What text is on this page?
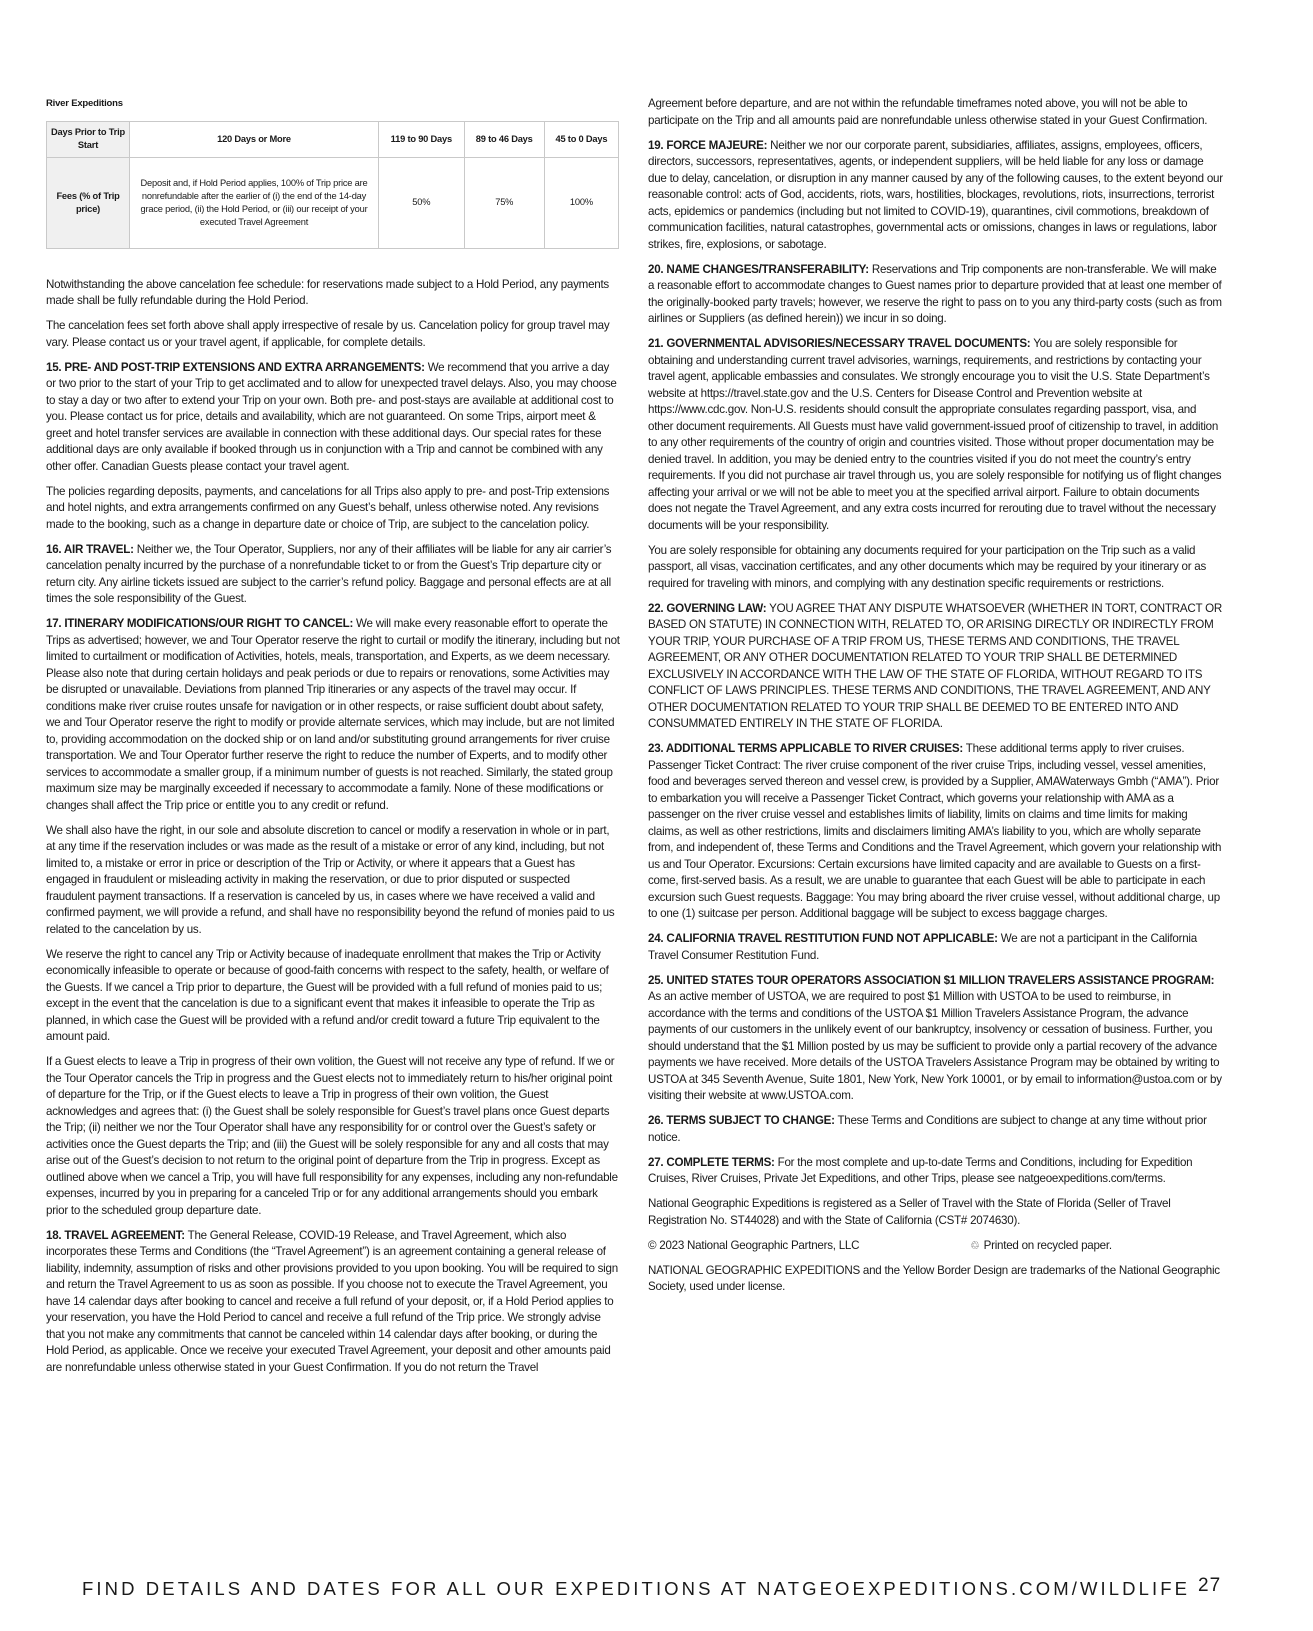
River Expeditions
Days Prior to Trip Start	120 Days or More	119 to 90 Days	89 to 46 Days	45 to 0 Days
Fees (% of Trip price)	Deposit and, if Hold Period applies, 100% of Trip price are nonrefundable after the earlier of (i) the end of the 14-day grace period, (ii) the Hold Period, or (iii) our receipt of your executed Travel Agreement	50%	75%	100%

Notwithstanding the above cancelation fee schedule: for reservations made subject to a Hold Period, any payments made shall be fully refundable during the Hold Period.

The cancelation fees set forth above shall apply irrespective of resale by us. Cancelation policy for group travel may vary. Please contact us or your travel agent, if applicable, for complete details.

15. PRE- AND POST-TRIP EXTENSIONS AND EXTRA ARRANGEMENTS: We recommend that you arrive a day or two prior to the start of your Trip to get acclimated and to allow for unexpected travel delays. Also, you may choose to stay a day or two after to extend your Trip on your own. Both pre- and post-stays are available at additional cost to you. Please contact us for price, details and availability, which are not guaranteed. On some Trips, airport meet & greet and hotel transfer services are available in connection with these additional days. Our special rates for these additional days are only available if booked through us in conjunction with a Trip and cannot be combined with any other offer. Canadian Guests please contact your travel agent.

The policies regarding deposits, payments, and cancelations for all Trips also apply to pre- and post-Trip extensions and hotel nights, and extra arrangements confirmed on any Guest’s behalf, unless otherwise noted. Any revisions made to the booking, such as a change in departure date or choice of Trip, are subject to the cancelation policy.

16. AIR TRAVEL: Neither we, the Tour Operator, Suppliers, nor any of their affiliates will be liable for any air carrier’s cancelation penalty incurred by the purchase of a nonrefundable ticket to or from the Guest’s Trip departure city or return city. Any airline tickets issued are subject to the carrier’s refund policy. Baggage and personal effects are at all times the sole responsibility of the Guest.

17. ITINERARY MODIFICATIONS/OUR RIGHT TO CANCEL: We will make every reasonable effort to operate the Trips as advertised; however, we and Tour Operator reserve the right to curtail or modify the itinerary, including but not limited to curtailment or modification of Activities, hotels, meals, transportation, and Experts, as we deem necessary. Please also note that during certain holidays and peak periods or due to repairs or renovations, some Activities may be disrupted or unavailable. Deviations from planned Trip itineraries or any aspects of the travel may occur. If conditions make river cruise routes unsafe for navigation or in other respects, or raise sufficient doubt about safety, we and Tour Operator reserve the right to modify or provide alternate services, which may include, but are not limited to, providing accommodation on the docked ship or on land and/or substituting ground arrangements for river cruise transportation. We and Tour Operator further reserve the right to reduce the number of Experts, and to modify other services to accommodate a smaller group, if a minimum number of guests is not reached. Similarly, the stated group maximum size may be marginally exceeded if necessary to accommodate a family. None of these modifications or changes shall affect the Trip price or entitle you to any credit or refund.

We shall also have the right, in our sole and absolute discretion to cancel or modify a reservation in whole or in part, at any time if the reservation includes or was made as the result of a mistake or error of any kind, including, but not limited to, a mistake or error in price or description of the Trip or Activity, or where it appears that a Guest has engaged in fraudulent or misleading activity in making the reservation, or due to prior disputed or suspected fraudulent payment transactions. If a reservation is canceled by us, in cases where we have received a valid and confirmed payment, we will provide a refund, and shall have no responsibility beyond the refund of monies paid to us related to the cancelation by us.

We reserve the right to cancel any Trip or Activity because of inadequate enrollment that makes the Trip or Activity economically infeasible to operate or because of good-faith concerns with respect to the safety, health, or welfare of the Guests. If we cancel a Trip prior to departure, the Guest will be provided with a full refund of monies paid to us; except in the event that the cancelation is due to a significant event that makes it infeasible to operate the Trip as planned, in which case the Guest will be provided with a refund and/or credit toward a future Trip equivalent to the amount paid.

If a Guest elects to leave a Trip in progress of their own volition, the Guest will not receive any type of refund. If we or the Tour Operator cancels the Trip in progress and the Guest elects not to immediately return to his/her original point of departure for the Trip, or if the Guest elects to leave a Trip in progress of their own volition, the Guest acknowledges and agrees that: (i) the Guest shall be solely responsible for Guest’s travel plans once Guest departs the Trip; (ii) neither we nor the Tour Operator shall have any responsibility for or control over the Guest’s safety or activities once the Guest departs the Trip; and (iii) the Guest will be solely responsible for any and all costs that may arise out of the Guest’s decision to not return to the original point of departure from the Trip in progress. Except as outlined above when we cancel a Trip, you will have full responsibility for any expenses, including any non-refundable expenses, incurred by you in preparing for a canceled Trip or for any additional arrangements should you embark prior to the scheduled group departure date.

18. TRAVEL AGREEMENT: The General Release, COVID-19 Release, and Travel Agreement, which also incorporates these Terms and Conditions (the “Travel Agreement”) is an agreement containing a general release of liability, indemnity, assumption of risks and other provisions provided to you upon booking. You will be required to sign and return the Travel Agreement to us as soon as possible. If you choose not to execute the Travel Agreement, you have 14 calendar days after booking to cancel and receive a full refund of your deposit, or, if a Hold Period applies to your reservation, you have the Hold Period to cancel and receive a full refund of the Trip price. We strongly advise that you not make any commitments that cannot be canceled within 14 calendar days after booking, or during the Hold Period, as applicable. Once we receive your executed Travel Agreement, your deposit and other amounts paid are nonrefundable unless otherwise stated in your Guest Confirmation. If you do not return the Travel

Agreement before departure, and are not within the refundable timeframes noted above, you will not be able to participate on the Trip and all amounts paid are nonrefundable unless otherwise stated in your Guest Confirmation.

19. FORCE MAJEURE: Neither we nor our corporate parent, subsidiaries, affiliates, assigns, employees, officers, directors, successors, representatives, agents, or independent suppliers, will be held liable for any loss or damage due to delay, cancelation, or disruption in any manner caused by any of the following causes, to the extent beyond our reasonable control: acts of God, accidents, riots, wars, hostilities, blockages, revolutions, riots, insurrections, terrorist acts, epidemics or pandemics (including but not limited to COVID-19), quarantines, civil commotions, breakdown of communication facilities, natural catastrophes, governmental acts or omissions, changes in laws or regulations, labor strikes, fire, explosions, or sabotage.

20. NAME CHANGES/TRANSFERABILITY: Reservations and Trip components are non-transferable. We will make a reasonable effort to accommodate changes to Guest names prior to departure provided that at least one member of the originally-booked party travels; however, we reserve the right to pass on to you any third-party costs (such as from airlines or Suppliers (as defined herein)) we incur in so doing.

21. GOVERNMENTAL ADVISORIES/NECESSARY TRAVEL DOCUMENTS: You are solely responsible for obtaining and understanding current travel advisories, warnings, requirements, and restrictions by contacting your travel agent, applicable embassies and consulates. We strongly encourage you to visit the U.S. State Department’s website at https://travel.state.gov and the U.S. Centers for Disease Control and Prevention website at https://www.cdc.gov. Non-U.S. residents should consult the appropriate consulates regarding passport, visa, and other document requirements. All Guests must have valid government-issued proof of citizenship to travel, in addition to any other requirements of the country of origin and countries visited. Those without proper documentation may be denied travel. In addition, you may be denied entry to the countries visited if you do not meet the country’s entry requirements. If you did not purchase air travel through us, you are solely responsible for notifying us of flight changes affecting your arrival or we will not be able to meet you at the specified arrival airport. Failure to obtain documents does not negate the Travel Agreement, and any extra costs incurred for rerouting due to travel without the necessary documents will be your responsibility.

You are solely responsible for obtaining any documents required for your participation on the Trip such as a valid passport, all visas, vaccination certificates, and any other documents which may be required by your itinerary or as required for traveling with minors, and complying with any destination specific requirements or restrictions.

22. GOVERNING LAW: YOU AGREE THAT ANY DISPUTE WHATSOEVER (WHETHER IN TORT, CONTRACT OR BASED ON STATUTE) IN CONNECTION WITH, RELATED TO, OR ARISING DIRECTLY OR INDIRECTLY FROM YOUR TRIP, YOUR PURCHASE OF A TRIP FROM US, THESE TERMS AND CONDITIONS, THE TRAVEL AGREEMENT, OR ANY OTHER DOCUMENTATION RELATED TO YOUR TRIP SHALL BE DETERMINED EXCLUSIVELY IN ACCORDANCE WITH THE LAW OF THE STATE OF FLORIDA, WITHOUT REGARD TO ITS CONFLICT OF LAWS PRINCIPLES. THESE TERMS AND CONDITIONS, THE TRAVEL AGREEMENT, AND ANY OTHER DOCUMENTATION RELATED TO YOUR TRIP SHALL BE DEEMED TO BE ENTERED INTO AND CONSUMMATED ENTIRELY IN THE STATE OF FLORIDA.

23. ADDITIONAL TERMS APPLICABLE TO RIVER CRUISES: These additional terms apply to river cruises. Passenger Ticket Contract: The river cruise component of the river cruise Trips, including vessel, vessel amenities, food and beverages served thereon and vessel crew, is provided by a Supplier, AMAWaterways Gmbh (“AMA”). Prior to embarkation you will receive a Passenger Ticket Contract, which governs your relationship with AMA as a passenger on the river cruise vessel and establishes limits of liability, limits on claims and time limits for making claims, as well as other restrictions, limits and disclaimers limiting AMA’s liability to you, which are wholly separate from, and independent of, these Terms and Conditions and the Travel Agreement, which govern your relationship with us and Tour Operator. Excursions: Certain excursions have limited capacity and are available to Guests on a first-come, first-served basis. As a result, we are unable to guarantee that each Guest will be able to participate in each excursion such Guest requests. Baggage: You may bring aboard the river cruise vessel, without additional charge, up to one (1) suitcase per person. Additional baggage will be subject to excess baggage charges.

24. CALIFORNIA TRAVEL RESTITUTION FUND NOT APPLICABLE: We are not a participant in the California Travel Consumer Restitution Fund.

25. UNITED STATES TOUR OPERATORS ASSOCIATION $1 MILLION TRAVELERS ASSISTANCE PROGRAM: As an active member of USTOA, we are required to post $1 Million with USTOA to be used to reimburse, in accordance with the terms and conditions of the USTOA $1 Million Travelers Assistance Program, the advance payments of our customers in the unlikely event of our bankruptcy, insolvency or cessation of business. Further, you should understand that the $1 Million posted by us may be sufficient to provide only a partial recovery of the advance payments we have received. More details of the USTOA Travelers Assistance Program may be obtained by writing to USTOA at 345 Seventh Avenue, Suite 1801, New York, New York 10001, or by email to information@ustoa.com or by visiting their website at www.USTOA.com.

26. TERMS SUBJECT TO CHANGE: These Terms and Conditions are subject to change at any time without prior notice.

27. COMPLETE TERMS: For the most complete and up-to-date Terms and Conditions, including for Expedition Cruises, River Cruises, Private Jet Expeditions, and other Trips, please see natgeoexpeditions.com/terms.

National Geographic Expeditions is registered as a Seller of Travel with the State of Florida (Seller of Travel Registration No. ST44028) and with the State of California (CST# 2074630).

© 2023 National Geographic Partners, LLC	♲ Printed on recycled paper.

NATIONAL GEOGRAPHIC EXPEDITIONS and the Yellow Border Design are trademarks of the National Geographic Society, used under license.

FIND DETAILS AND DATES FOR ALL OUR EXPEDITIONS AT NATGEOEXPEDITIONS.COM/WILDLIFE 27
